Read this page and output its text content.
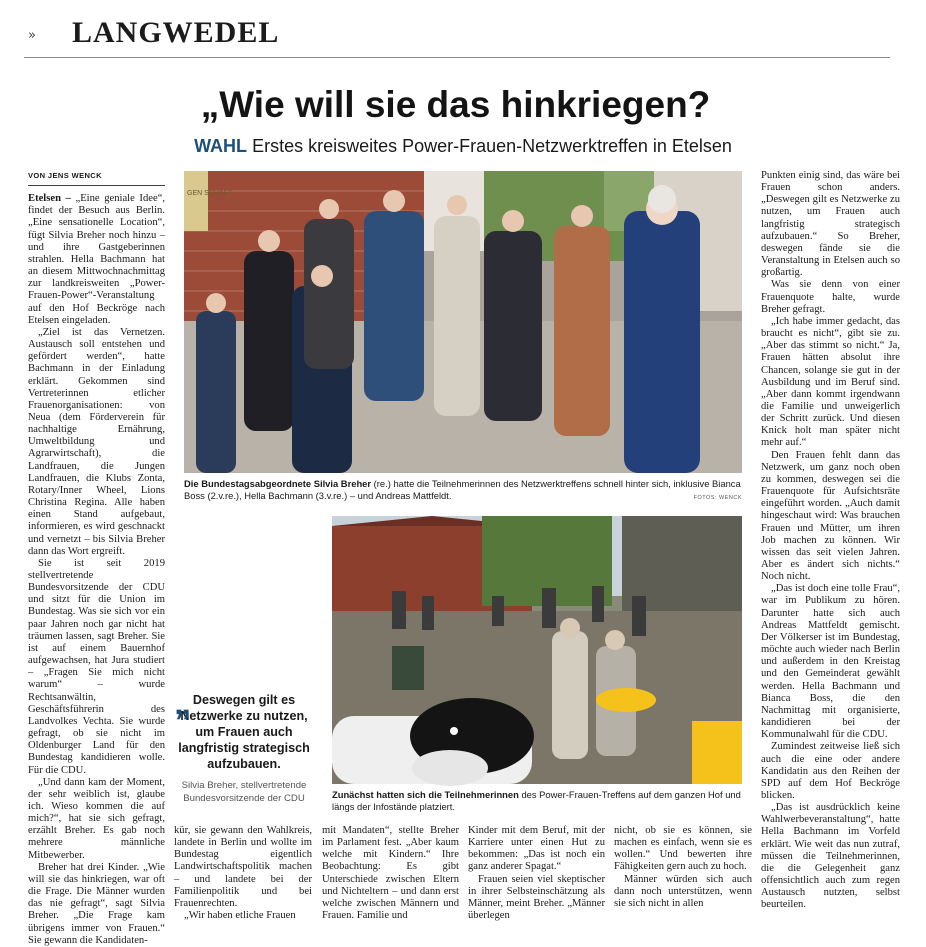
» LANGWEDEL
„Wie will sie das hinkriegen?
WAHL Erstes kreisweites Power-Frauen-Netzwerktreffen in Etelsen
VON JENS WENCK

Etelsen – „Eine geniale Idee“, findet der Besuch aus Berlin. „Eine sensationelle Location“, fügt Silvia Breher noch hinzu – und ihre Gastgeberinnen strahlen. Hella Bachmann hat an diesem Mittwochnachmittag zur landkreisweiten „Power-Frauen-Power“-Veranstaltung auf den Hof Beckröge nach Etelsen eingeladen.

„Ziel ist das Vernetzen. Austausch soll entstehen und gefördert werden“, hatte Bachmann in der Einladung erklärt. Gekommen sind Vertreterinnen etlicher Frauenorganisationen: von Neua (dem Förderverein für nachhaltige Ernährung, Umweltbildung und Agrarwirtschaft), die Landfrauen, die Jungen Landfrauen, die Klubs Zonta, Rotary/Inner Wheel, Lions Christina Regina. Alle haben einen Stand aufgebaut, informieren, es wird geschnackt und vernetzt – bis Silvia Breher dann das Wort ergreift.

Sie ist seit 2019 stellvertretende Bundesvorsitzende der CDU und sitzt für die Union im Bundestag. Was sie sich vor ein paar Jahren noch gar nicht hat träumen lassen, sagt Breher. Sie ist auf einem Bauernhof aufgewachsen, hat Jura studiert – „Fragen Sie mich nicht warum“ – wurde Rechtsanwältin, Geschäftsführerin des Landvolkes Vechta. Sie wurde gefragt, ob sie nicht im Oldenburger Land für den Bundestag kandidieren wolle. Für die CDU.

„Und dann kam der Moment, der sehr weiblich ist, glaube ich. Wieso kommen die auf mich?“, hat sie sich gefragt, erzählt Breher. Es gab noch mehrere männliche Mitbewerber.

Breher hat drei Kinder. „Wie will sie das hinkriegen, war oft die Frage. Die Männer wurden das nie gefragt“, sagt Silvia Breher. „Die Frage kam übrigens immer von Frauen.“ Sie gewann die Kandidaten-

GEN SCHAFT
Die Bundestagsabgeordnete Silvia Breher (re.) hatte die Teilnehmerinnen des Netzwerktreffens schnell hinter sich, inklusive Bianca Boss (2.v.re.), Hella Bachmann (3.v.re.) – und Andreas Mattfeldt.	FOTOS: WENCK

Punkten einig sind, das wäre bei Frauen schon anders. „Deswegen gilt es Netzwerke zu nutzen, um Frauen auch langfristig strategisch aufzubauen.“ So Breher, deswegen fände sie die Veranstaltung in Etelsen auch so großartig.

Was sie denn von einer Frauenquote halte, wurde Breher gefragt.

„Ich habe immer gedacht, das braucht es nicht“, gibt sie zu. „Aber das stimmt so nicht.“ Ja, Frauen hätten absolut ihre Chancen, solange sie gut in der Ausbildung und im Beruf sind. „Aber dann kommt irgendwann die Familie und unweigerlich der Schritt zurück. Und diesen Knick holt man später nicht mehr auf.“

Den Frauen fehlt dann das Netzwerk, um ganz noch oben zu kommen, deswegen sei die Frauenquote für Aufsichtsräte eingeführt worden. „Auch damit hingeschaut wird: Was brauchen Frauen und Mütter, um ihren Job machen zu können. Wir wissen das seit vielen Jahren. Aber es ändert sich nichts.“ Noch nicht.

„Das ist doch eine tolle Frau“, war im Publikum zu hören. Darunter hatte sich auch Andreas Mattfeldt gemischt. Der Völkerser ist im Bundestag, möchte auch wieder nach Berlin und außerdem in den Kreistag und den Gemeinderat gewählt werden. Hella Bachmann und Bianca Boss, die den Nachmittag mit organisierte, kandidieren bei der Kommunalwahl für die CDU.

Zumindest zeitweise ließ sich auch die eine oder andere Kandidatin aus den Reihen der SPD auf dem Hof Beckröge blicken.

„Das ist ausdrücklich keine Wahlwerbeveranstaltung“, hatte Hella Bachmann im Vorfeld erklärt. Wie weit das nun zutraf, müssen die Teilnehmerinnen, die die Gelegenheit ganz offensichtlich auch zum regen Austausch nutzten, selbst beurteilen.

Zunächst hatten sich die Teilnehmerinnen des Power-Frauen-Treffens auf dem ganzen Hof und längs der Infostände platziert.
„ Deswegen gilt es Netzwerke zu nutzen, um Frauen auch langfristig strategisch aufzubauen.
Silvia Breher, stellvertretende
Bundesvorsitzende der CDU

kür, sie gewann den Wahlkreis, landete in Berlin und wollte im Bundestag eigentlich Landwirtschaftspolitik machen – und landete bei der Familienpolitik und bei Frauenrechten.

„Wir haben etliche Frauen

mit Mandaten“, stellte Breher im Parlament fest. „Aber kaum welche mit Kindern.“ Ihre Beobachtung: Es gibt Unterschiede zwischen Eltern und Nichteltern – und dann erst welche zwischen Männern und Frauen. Familie und

Kinder mit dem Beruf, mit der Karriere unter einen Hut zu bekommen: „Das ist noch ein ganz anderer Spagat.“

Frauen seien viel skeptischer in ihrer Selbsteinschätzung als Männer, meint Breher. „Männer überlegen

nicht, ob sie es können, sie machen es einfach, wenn sie es wollen.“ Und bewerten ihre Fähigkeiten gern auch zu hoch.

Männer würden sich auch dann noch unterstützen, wenn sie sich nicht in allen
